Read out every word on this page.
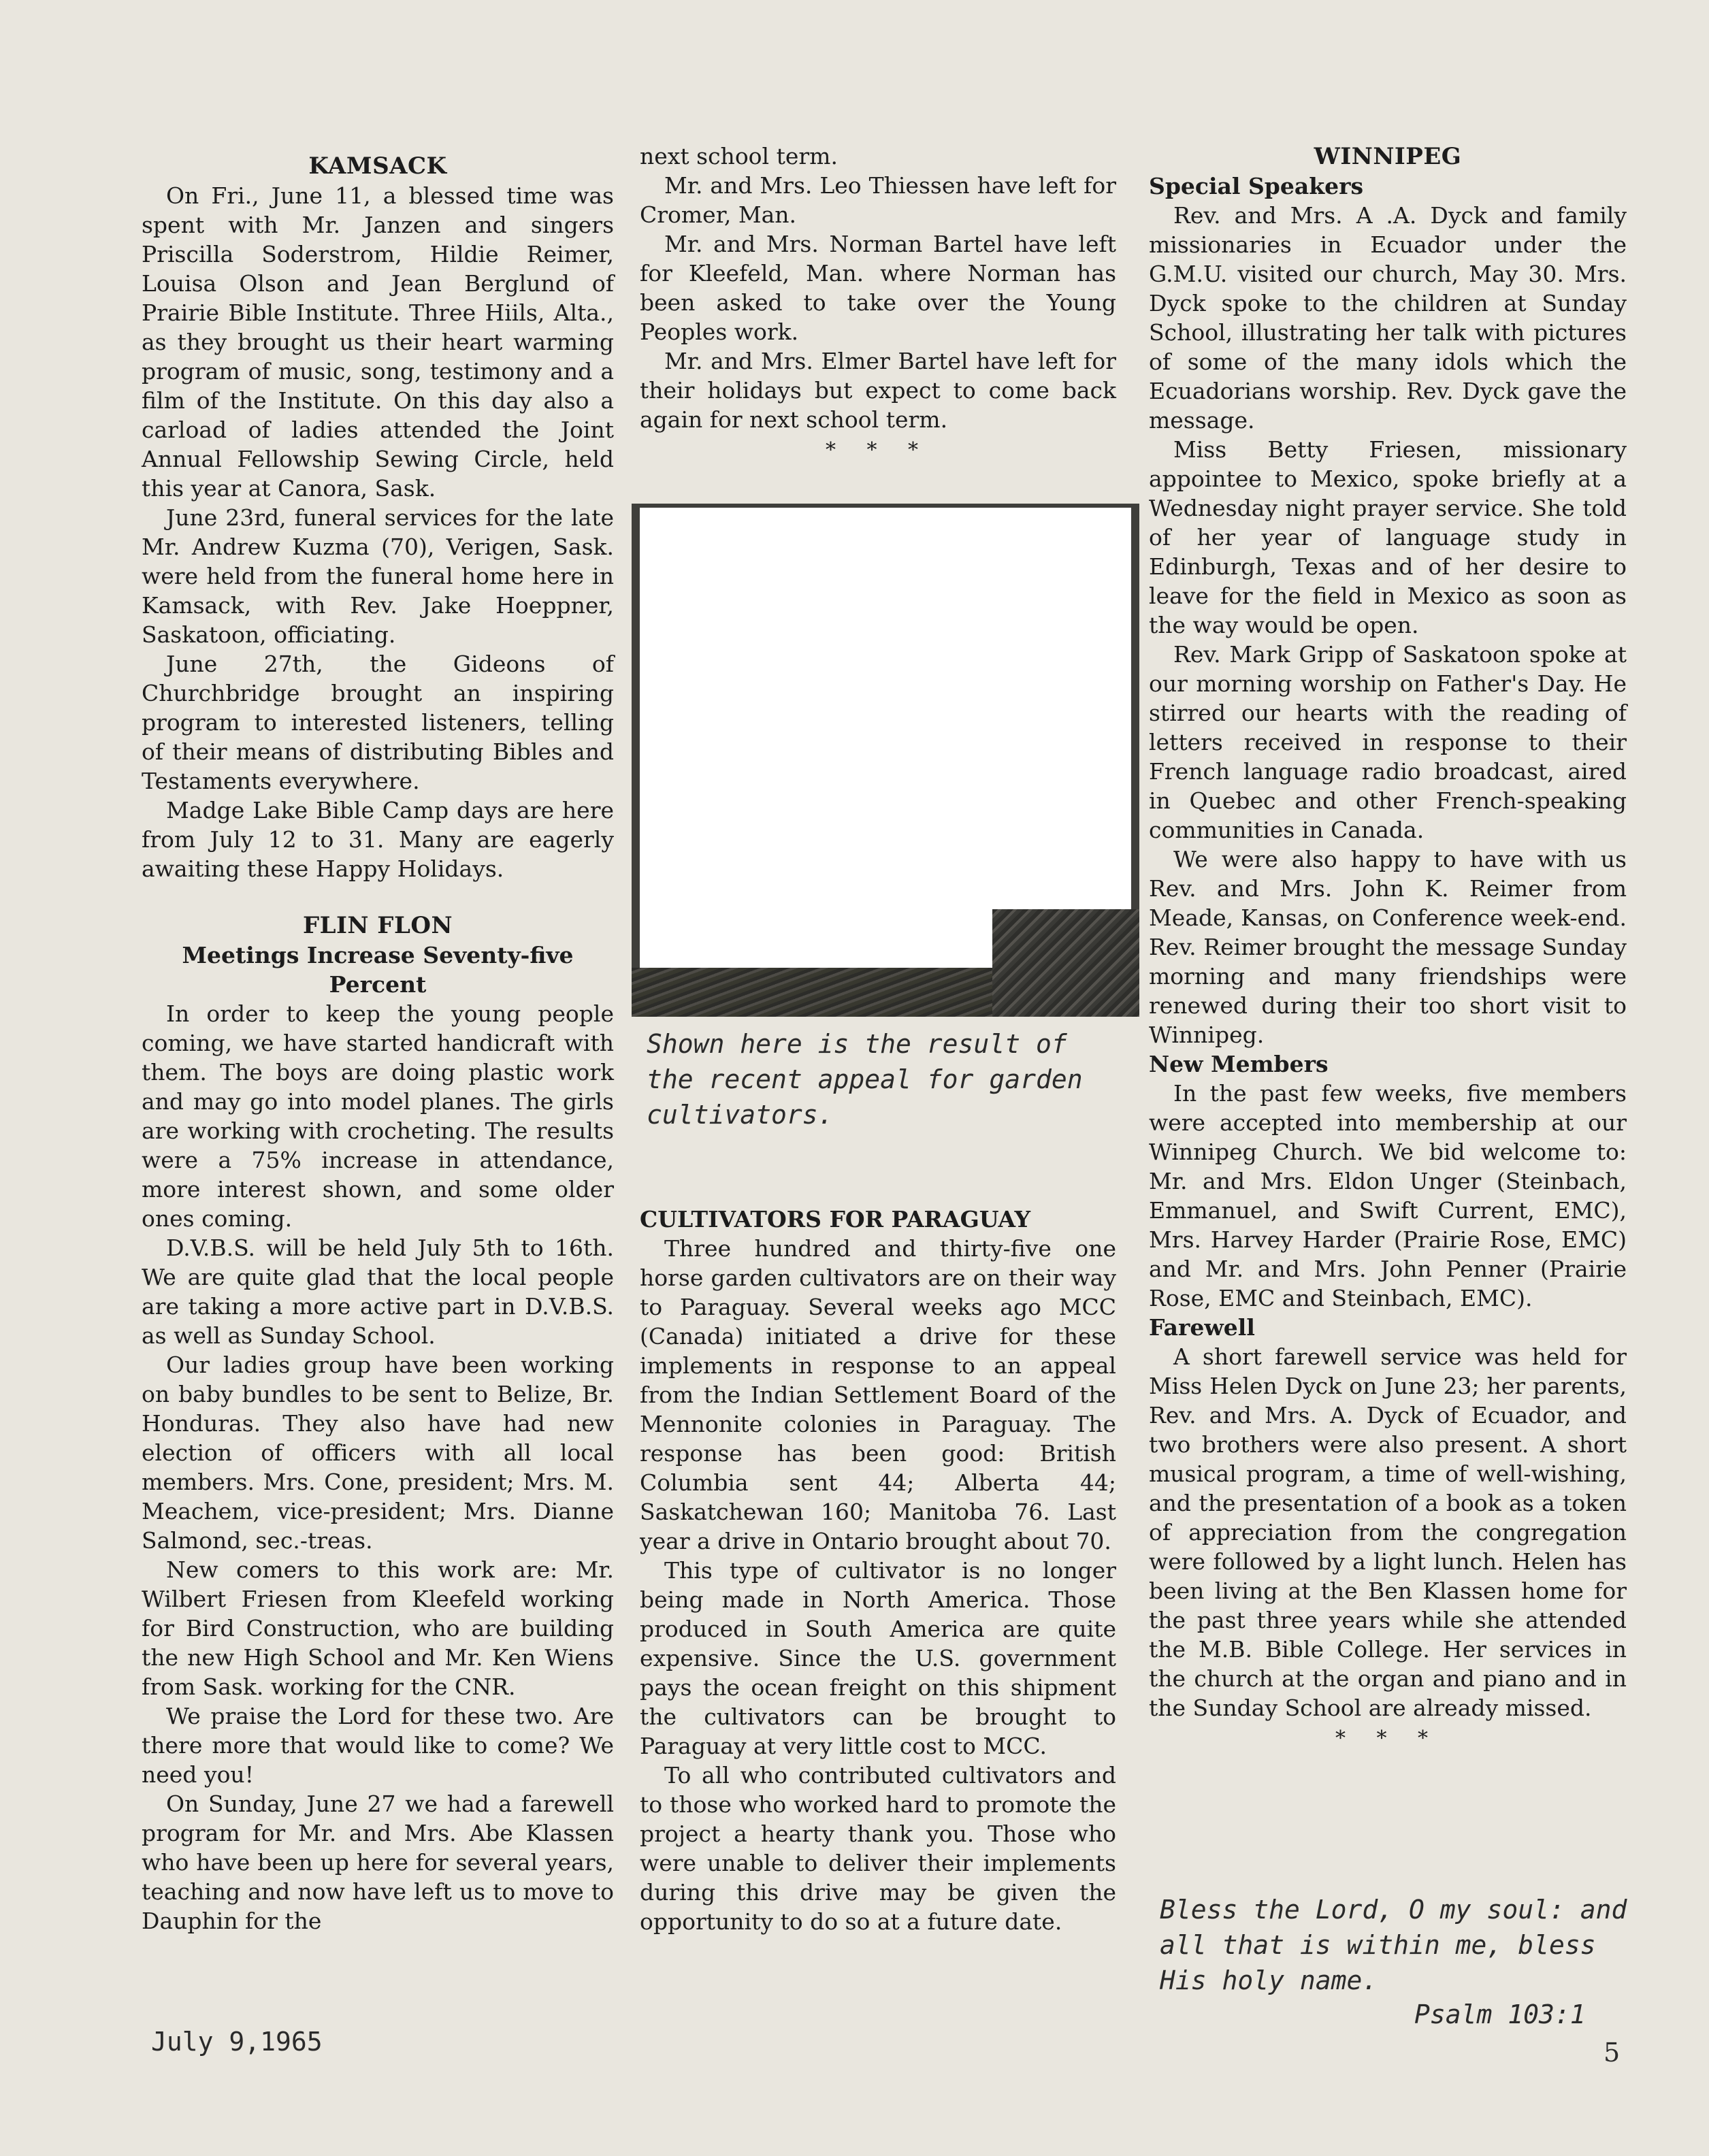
KAMSACK

On Fri., June 11, a blessed time was spent with Mr. Janzen and singers Priscilla Soderstrom, Hildie Reimer, Louisa Olson and Jean Berglund of Prairie Bible Institute. Three Hiils, Alta., as they brought us their heart warming program of music, song, testimony and a film of the Institute. On this day also a carload of ladies attended the Joint Annual Fellowship Sewing Circle, held this year at Canora, Sask.

June 23rd, funeral services for the late Mr. Andrew Kuzma (70), Verigen, Sask. were held from the funeral home here in Kamsack, with Rev. Jake Hoeppner, Saskatoon, officiating.

June 27th, the Gideons of Churchbridge brought an inspiring program to interested listeners, telling of their means of distributing Bibles and Testaments everywhere.

Madge Lake Bible Camp days are here from July 12 to 31. Many are eagerly awaiting these Happy Holidays.

FLIN FLON
Meetings Increase Seventy-five Percent

In order to keep the young people coming, we have started handicraft with them. The boys are doing plastic work and may go into model planes. The girls are working with crocheting. The results were a 75% increase in attendance, more interest shown, and some older ones coming.

D.V.B.S. will be held July 5th to 16th. We are quite glad that the local people are taking a more active part in D.V.B.S. as well as Sunday School.

Our ladies group have been working on baby bundles to be sent to Belize, Br. Honduras. They also have had new election of officers with all local members. Mrs. Cone, president; Mrs. M. Meachem, vice-president; Mrs. Dianne Salmond, sec.-treas.

New comers to this work are: Mr. Wilbert Friesen from Kleefeld working for Bird Construction, who are building the new High School and Mr. Ken Wiens from Sask. working for the CNR.

We praise the Lord for these two. Are there more that would like to come? We need you!

On Sunday, June 27 we had a farewell program for Mr. and Mrs. Abe Klassen who have been up here for several years, teaching and now have left us to move to Dauphin for the

next school term.

Mr. and Mrs. Leo Thiessen have left for Cromer, Man.

Mr. and Mrs. Norman Bartel have left for Kleefeld, Man. where Norman has been asked to take over the Young Peoples work.

Mr. and Mrs. Elmer Bartel have left for their holidays but expect to come back again for next school term.

* * *
Shown here is the result of the recent appeal for garden cultivators.
CULTIVATORS FOR PARAGUAY

Three hundred and thirty-five one horse garden cultivators are on their way to Paraguay. Several weeks ago MCC (Canada) initiated a drive for these implements in response to an appeal from the Indian Settlement Board of the Mennonite colonies in Paraguay. The response has been good: British Columbia sent 44; Alberta 44; Saskatchewan 160; Manitoba 76. Last year a drive in Ontario brought about 70.

This type of cultivator is no longer being made in North America. Those produced in South America are quite expensive. Since the U.S. government pays the ocean freight on this shipment the cultivators can be brought to Paraguay at very little cost to MCC.

To all who contributed cultivators and to those who worked hard to promote the project a hearty thank you. Those who were unable to deliver their implements during this drive may be given the opportunity to do so at a future date.

WINNIPEG
Special Speakers

Rev. and Mrs. A .A. Dyck and family missionaries in Ecuador under the G.M.U. visited our church, May 30. Mrs. Dyck spoke to the children at Sunday School, illustrating her talk with pictures of some of the many idols which the Ecuadorians worship. Rev. Dyck gave the message.

Miss Betty Friesen, missionary appointee to Mexico, spoke briefly at a Wednesday night prayer service. She told of her year of language study in Edinburgh, Texas and of her desire to leave for the field in Mexico as soon as the way would be open.

Rev. Mark Gripp of Saskatoon spoke at our morning worship on Father's Day. He stirred our hearts with the reading of letters received in response to their French language radio broadcast, aired in Quebec and other French-speaking communities in Canada.

We were also happy to have with us Rev. and Mrs. John K. Reimer from Meade, Kansas, on Conference week-end. Rev. Reimer brought the message Sunday morning and many friendships were renewed during their too short visit to Winnipeg.

New Members

In the past few weeks, five members were accepted into membership at our Winnipeg Church. We bid welcome to: Mr. and Mrs. Eldon Unger (Steinbach, Emmanuel, and Swift Current, EMC), Mrs. Harvey Harder (Prairie Rose, EMC) and Mr. and Mrs. John Penner (Prairie Rose, EMC and Steinbach, EMC).

Farewell

A short farewell service was held for Miss Helen Dyck on June 23; her parents, Rev. and Mrs. A. Dyck of Ecuador, and two brothers were also present. A short musical program, a time of well-wishing, and the presentation of a book as a token of appreciation from the congregation were followed by a light lunch. Helen has been living at the Ben Klassen home for the past three years while she attended the M.B. Bible College. Her services in the church at the organ and piano and in the Sunday School are already missed.

* * *
Bless the Lord, O my soul: and all that is within me, bless His holy name.
Psalm 103:1
July 9,1965	5
